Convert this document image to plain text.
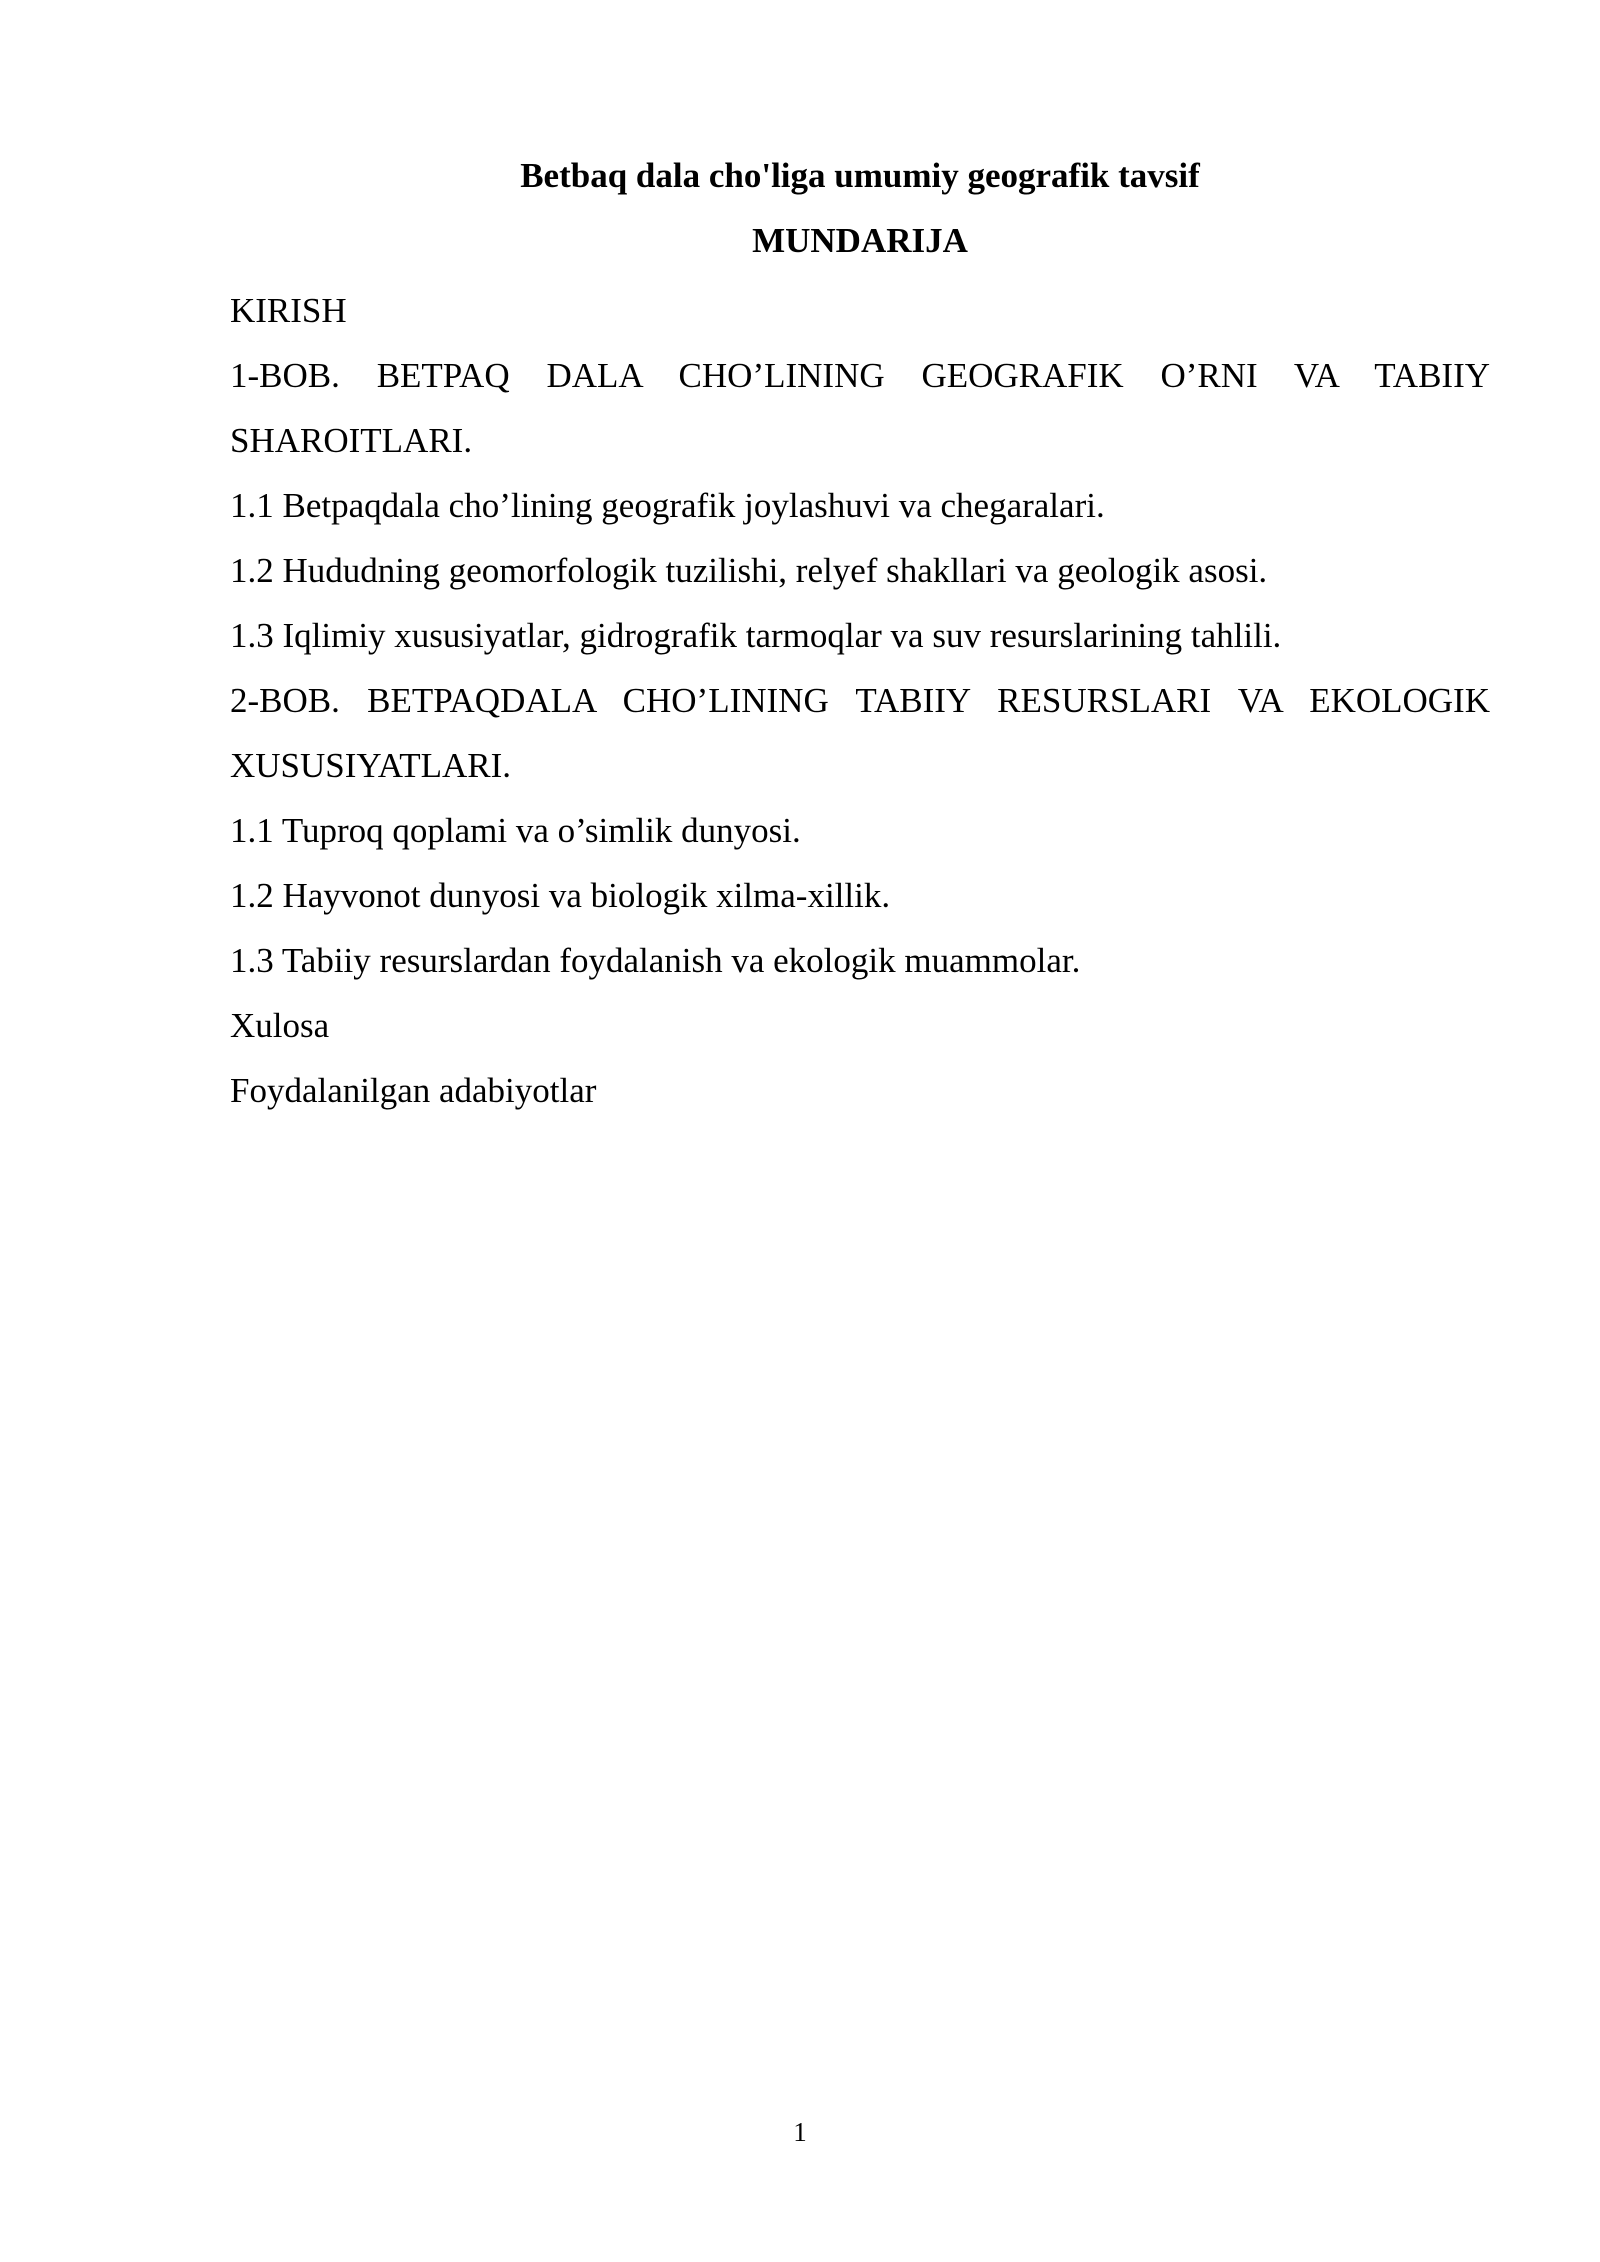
Betbaq dala cho'liga umumiy geografik tavsif
MUNDARIJA
KIRISH
1-BOB. BETPAQ DALA CHO’LINING GEOGRAFIK O’RNI VA TABIIY SHAROITLARI.
1.1 Betpaqdala cho’lining geografik joylashuvi va chegaralari.
1.2 Hududning geomorfologik tuzilishi, relyef shakllari va geologik asosi.
1.3 Iqlimiy xususiyatlar, gidrografik tarmoqlar va suv resurslarining tahlili.
2-BOB. BETPAQDALA CHO’LINING TABIIY RESURSLARI VA EKOLOGIK XUSUSIYATLARI.
1.1 Tuproq qoplami va o’simlik dunyosi.
1.2 Hayvonot dunyosi va biologik xilma-xillik.
1.3 Tabiiy resurslardan foydalanish va ekologik muammolar.
Xulosa
Foydalanilgan adabiyotlar
1
